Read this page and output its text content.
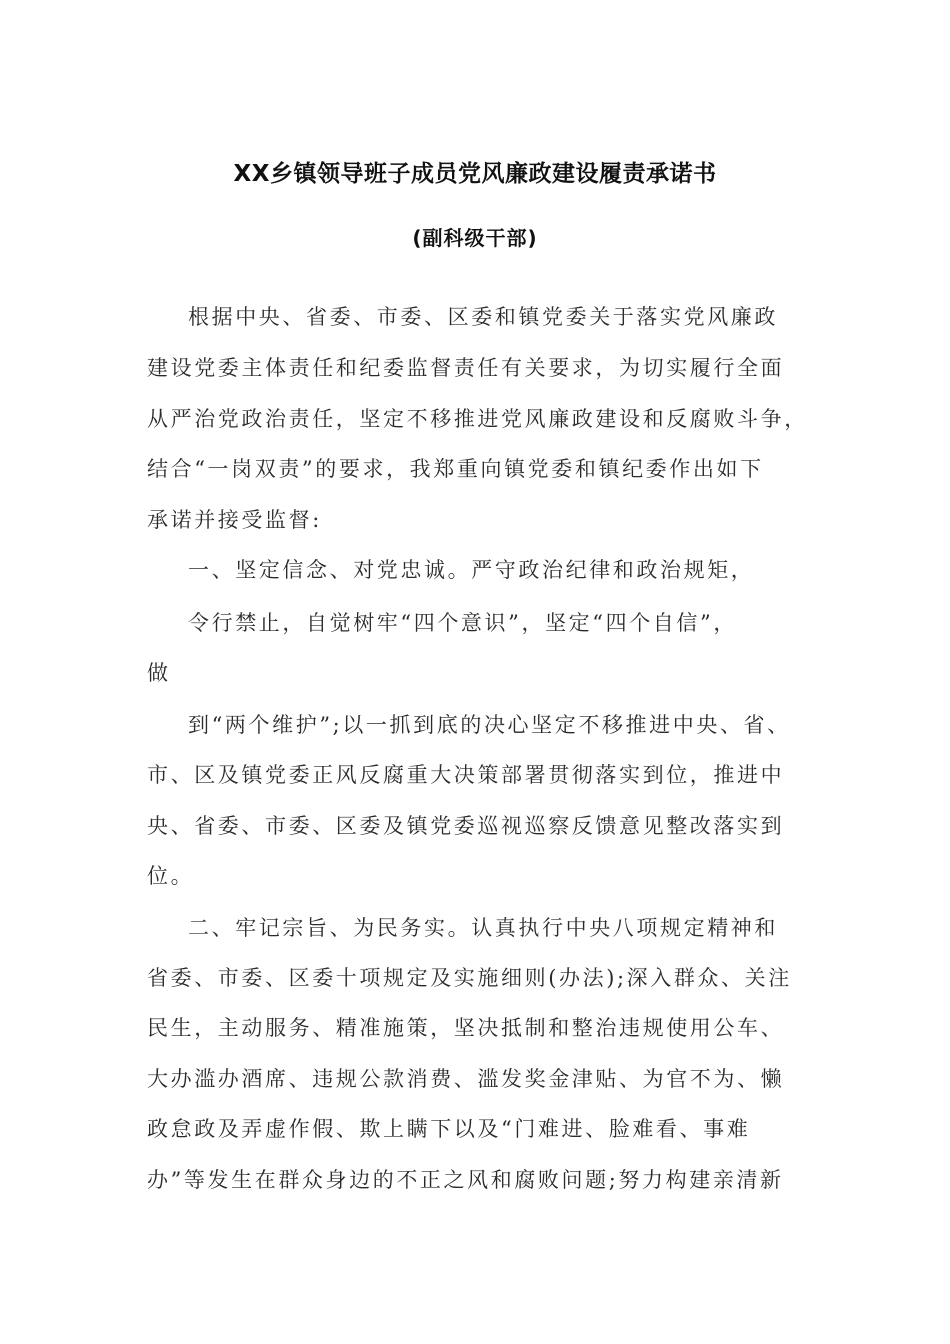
XX乡镇领导班子成员党风廉政建设履责承诺书
(副科级干部)
根据中央、省委、市委、区委和镇党委关于落实党风廉政
建设党委主体责任和纪委监督责任有关要求，为切实履行全面
从严治党政治责任，坚定不移推进党风廉政建设和反腐败斗争，
结合“一岗双责”的要求，我郑重向镇党委和镇纪委作出如下
承诺并接受监督:
一、坚定信念、对党忠诚。严守政治纪律和政治规矩，
令行禁止，自觉树牢“四个意识”，坚定“四个自信”，
做
到“两个维护”;以一抓到底的决心坚定不移推进中央、省、
市、区及镇党委正风反腐重大决策部署贯彻落实到位，推进中
央、省委、市委、区委及镇党委巡视巡察反馈意见整改落实到
位。
二、牢记宗旨、为民务实。认真执行中央八项规定精神和
省委、市委、区委十项规定及实施细则(办法);深入群众、关注
民生，主动服务、精准施策，坚决抵制和整治违规使用公车、
大办滥办酒席、违规公款消费、滥发奖金津贴、为官不为、懒
政怠政及弄虚作假、欺上瞒下以及“门难进、脸难看、事难
办”等发生在群众身边的不正之风和腐败问题;努力构建亲清新
